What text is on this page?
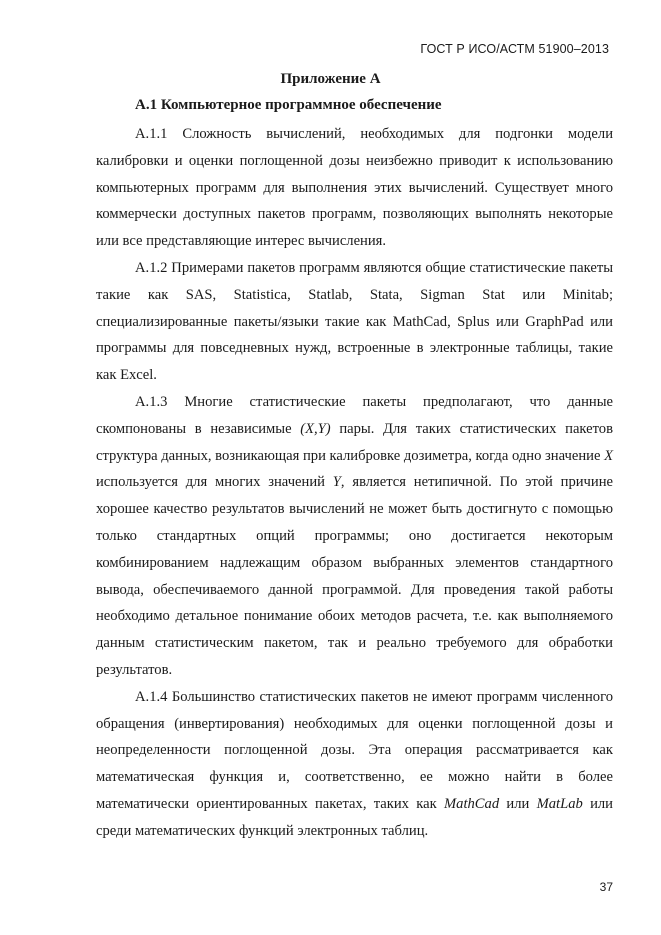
ГОСТ Р ИСО/АСТМ 51900–2013
Приложение А
А.1 Компьютерное программное обеспечение

А.1.1 Сложность вычислений, необходимых для подгонки модели калибровки и оценки поглощенной дозы неизбежно приводит к использованию компьютерных программ для выполнения этих вычислений. Существует много коммерчески доступных пакетов программ, позволяющих выполнять некоторые или все представляющие интерес вычисления.

А.1.2 Примерами пакетов программ являются общие статистические пакеты такие как SAS, Statistica, Statlab, Stata, Sigman Stat или Minitab; специализированные пакеты/языки такие как MathCad, Splus или GraphPad или программы для повседневных нужд, встроенные в электронные таблицы, такие как Excel.

А.1.3 Многие статистические пакеты предполагают, что данные скомпонованы в независимые (X,Y) пары. Для таких статистических пакетов структура данных, возникающая при калибровке дозиметра, когда одно значение X используется для многих значений Y, является нетипичной. По этой причине хорошее качество результатов вычислений не может быть достигнуто с помощью только стандартных опций программы; оно достигается некоторым комбинированием надлежащим образом выбранных элементов стандартного вывода, обеспечиваемого данной программой. Для проведения такой работы необходимо детальное понимание обоих методов расчета, т.е. как выполняемого данным статистическим пакетом, так и реально требуемого для обработки результатов.

А.1.4 Большинство статистических пакетов не имеют программ численного обращения (инвертирования) необходимых для оценки поглощенной дозы и неопределенности поглощенной дозы. Эта операция рассматривается как математическая функция и, соответственно, ее можно найти в более математически ориентированных пакетах, таких как MathCad или MatLab или среди математических функций электронных таблиц.

37
